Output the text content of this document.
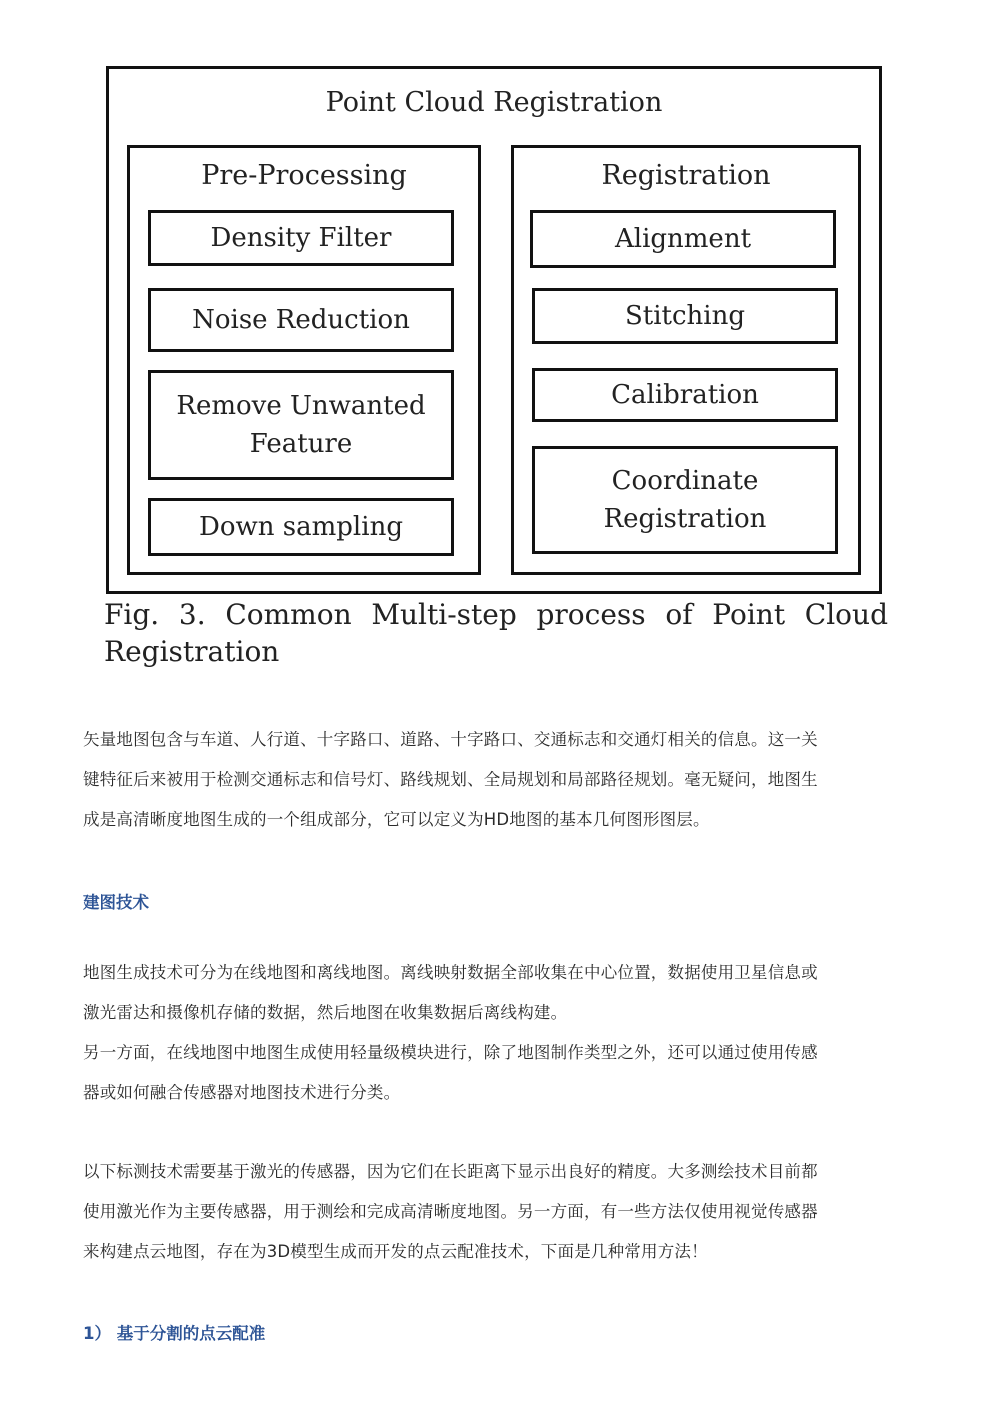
Point Cloud Registration
Pre-Processing
Density Filter
Noise Reduction
Remove Unwanted Feature
Down sampling
Registration
Alignment
Stitching
Calibration
Coordinate Registration
Fig. 3. Common Multi-step process of Point Cloud
Registration
矢量地图包含与车道、人行道、十字路口、道路、十字路口、交通标志和交通灯相关的信息。这一关
键特征后来被用于检测交通标志和信号灯、路线规划、全局规划和局部路径规划。毫无疑问，地图生
成是高清晰度地图生成的一个组成部分，它可以定义为HD地图的基本几何图形图层。
建图技术
地图生成技术可分为在线地图和离线地图。离线映射数据全部收集在中心位置，数据使用卫星信息或
激光雷达和摄像机存储的数据，然后地图在收集数据后离线构建。
另一方面，在线地图中地图生成使用轻量级模块进行，除了地图制作类型之外，还可以通过使用传感
器或如何融合传感器对地图技术进行分类。
以下标测技术需要基于激光的传感器，因为它们在长距离下显示出良好的精度。大多测绘技术目前都
使用激光作为主要传感器，用于测绘和完成高清晰度地图。另一方面，有一些方法仅使用视觉传感器
来构建点云地图，存在为3D模型生成而开发的点云配准技术，下面是几种常用方法！
1） 基于分割的点云配准
